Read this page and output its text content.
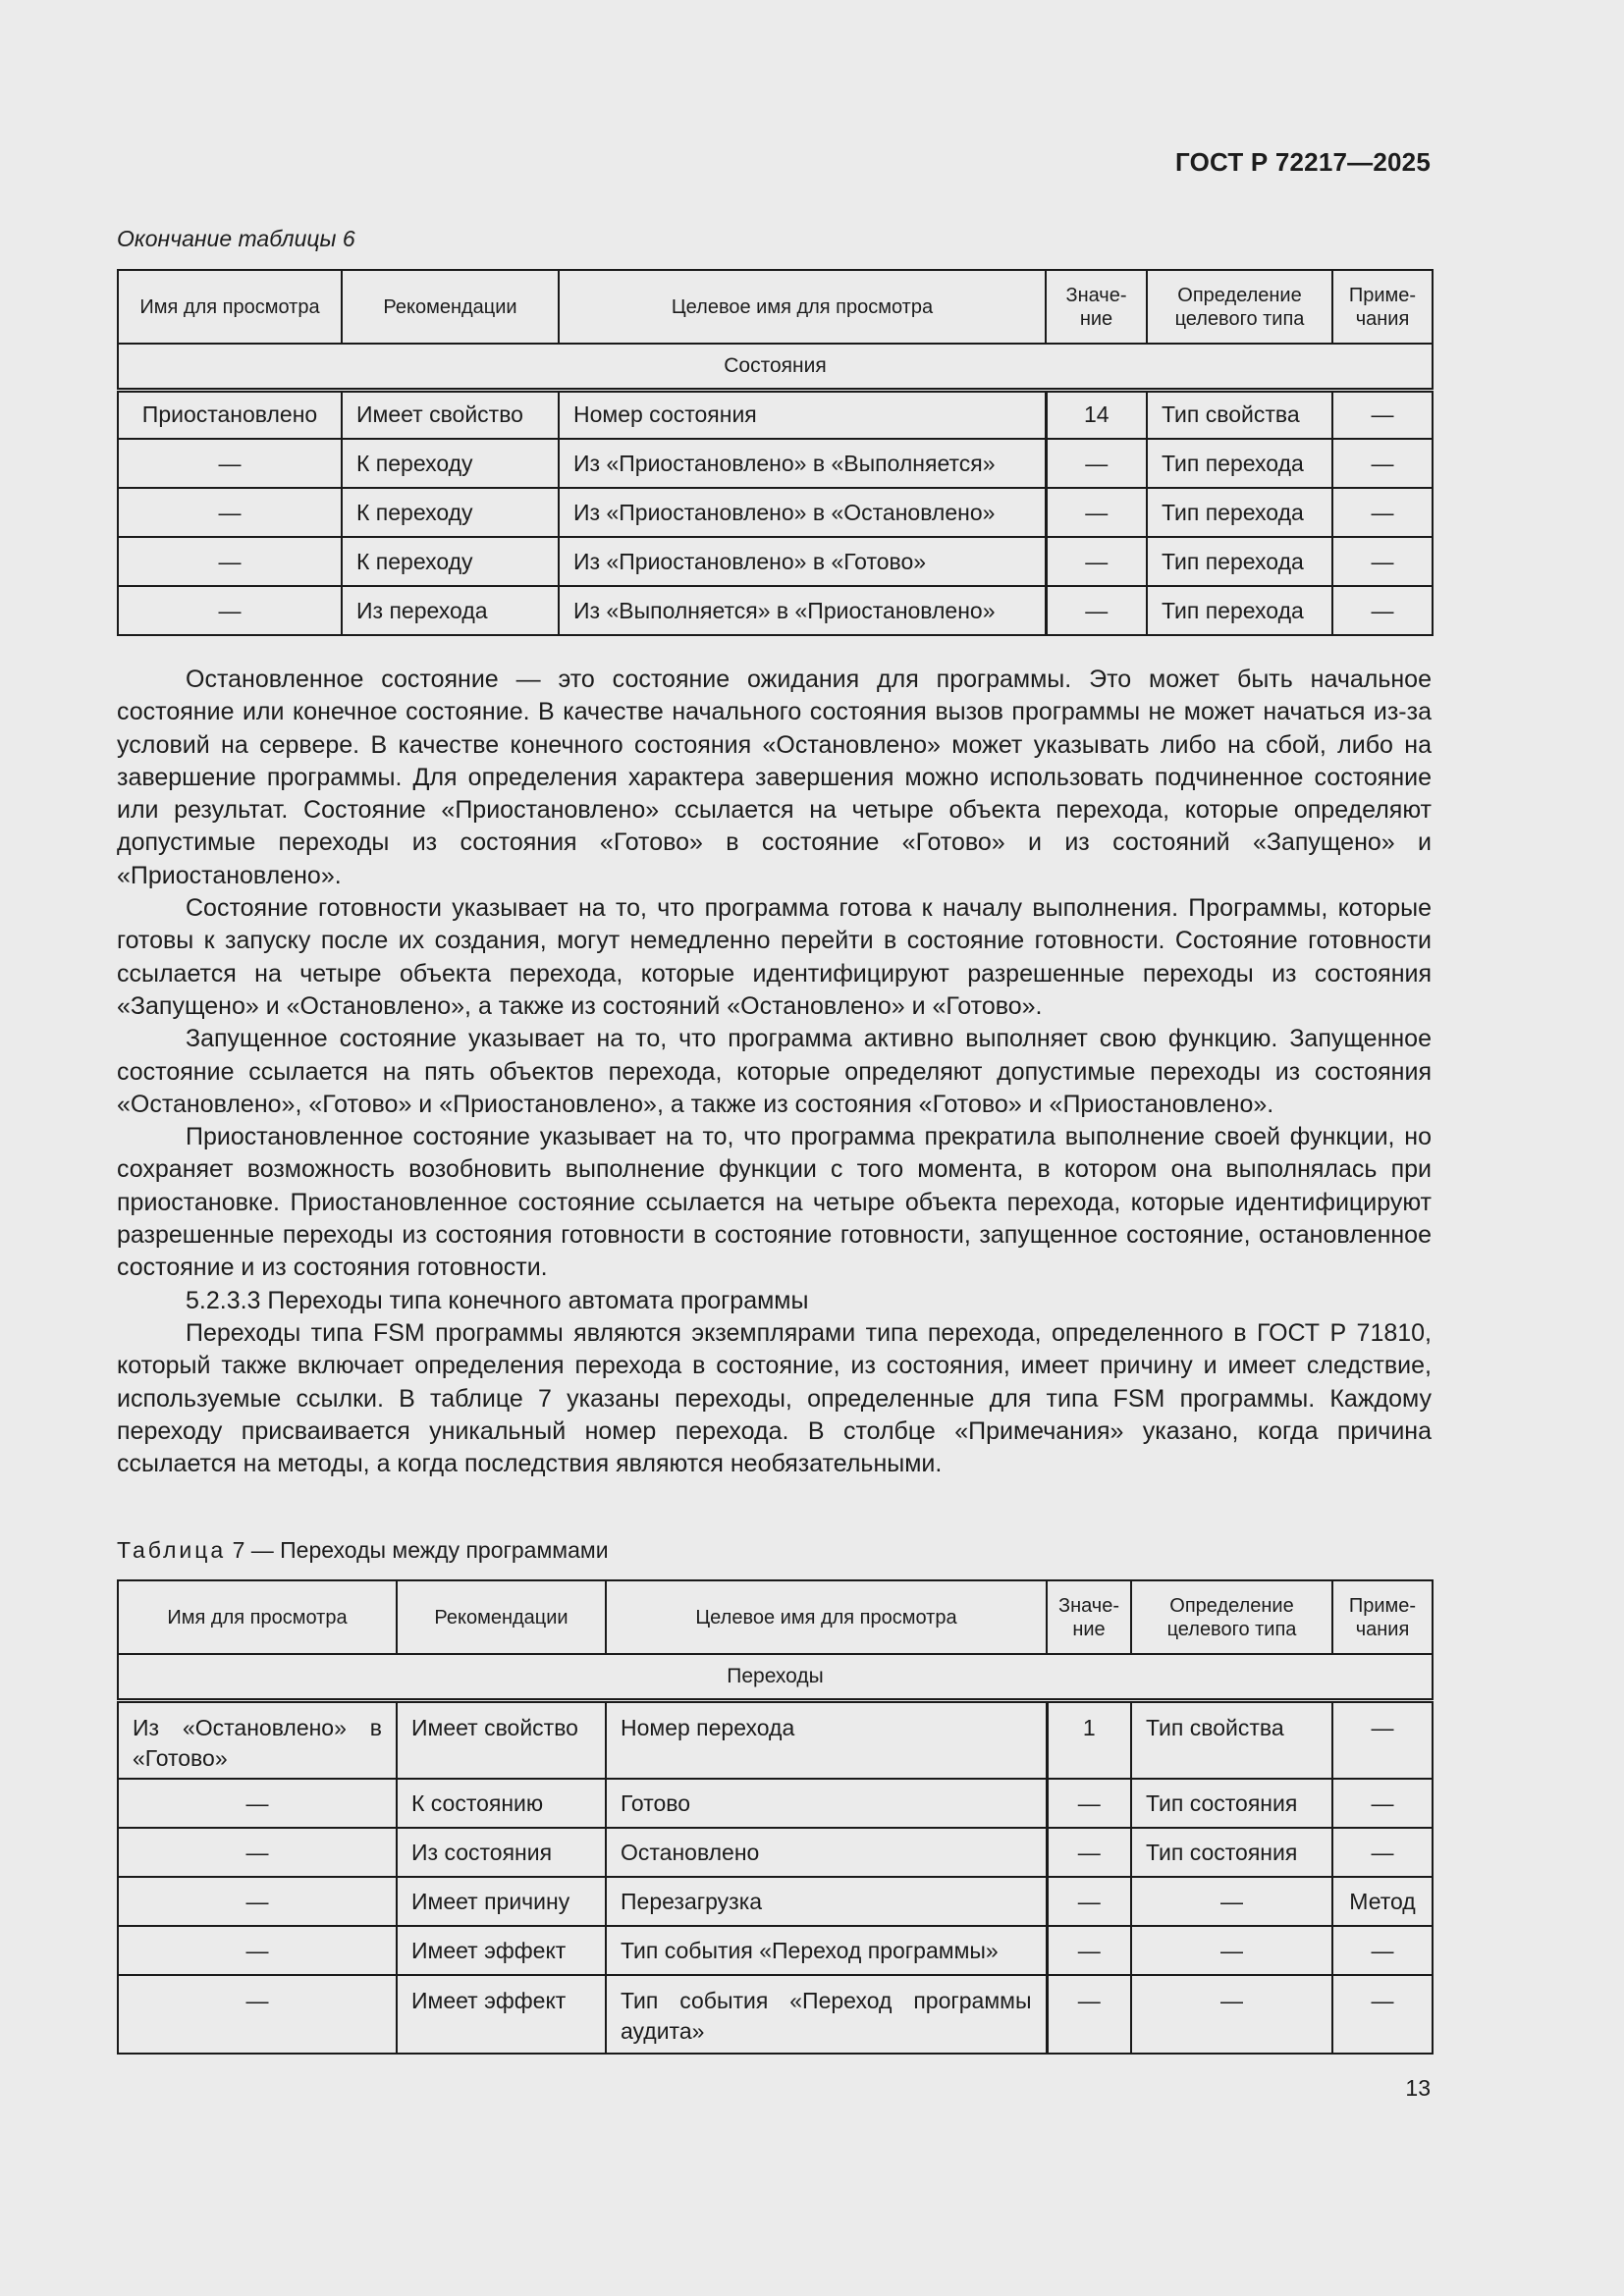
ГОСТ Р 72217—2025
Окончание таблицы 6
Имя для просмотра	Рекомендации	Целевое имя для просмотра	Значе-ние	Определение целевого типа	Приме-чания
Состояния					
Приостановлено	Имеет свойство	Номер состояния	14	Тип свойства	—
—	К переходу	Из «Приостановлено» в «Выполняется»	—	Тип перехода	—
—	К переходу	Из «Приостановлено» в «Остановлено»	—	Тип перехода	—
—	К переходу	Из «Приостановлено» в «Готово»	—	Тип перехода	—
—	Из перехода	Из «Выполняется» в «Приостановлено»	—	Тип перехода	—

Остановленное состояние — это состояние ожидания для программы. Это может быть начальное состояние или конечное состояние. В качестве начального состояния вызов программы не может начаться из-за условий на сервере. В качестве конечного состояния «Остановлено» может указывать либо на сбой, либо на завершение программы. Для определения характера завершения можно использовать подчиненное состояние или результат. Состояние «Приостановлено» ссылается на четыре объекта перехода, которые определяют допустимые переходы из состояния «Готово» в состояние «Готово» и из состояний «Запущено» и «Приостановлено».

Состояние готовности указывает на то, что программа готова к началу выполнения. Программы, которые готовы к запуску после их создания, могут немедленно перейти в состояние готовности. Состояние готовности ссылается на четыре объекта перехода, которые идентифицируют разрешенные переходы из состояния «Запущено» и «Остановлено», а также из состояний «Остановлено» и «Готово».

Запущенное состояние указывает на то, что программа активно выполняет свою функцию. Запущенное состояние ссылается на пять объектов перехода, которые определяют допустимые переходы из состояния «Остановлено», «Готово» и «Приостановлено», а также из состояния «Готово» и «Приостановлено».

Приостановленное состояние указывает на то, что программа прекратила выполнение своей функции, но сохраняет возможность возобновить выполнение функции с того момента, в котором она выполнялась при приостановке. Приостановленное состояние ссылается на четыре объекта перехода, которые идентифицируют разрешенные переходы из состояния готовности в состояние готовности, запущенное состояние, остановленное состояние и из состояния готовности.

5.2.3.3 Переходы типа конечного автомата программы

Переходы типа FSM программы являются экземплярами типа перехода, определенного в ГОСТ Р 71810, который также включает определения перехода в состояние, из состояния, имеет причину и имеет следствие, используемые ссылки. В таблице 7 указаны переходы, определенные для типа FSM программы. Каждому переходу присваивается уникальный номер перехода. В столбце «Примечания» указано, когда причина ссылается на методы, а когда последствия являются необязательными.

Таблица 7 — Переходы между программами
Имя для просмотра	Рекомендации	Целевое имя для просмотра	Значе-ние	Определение целевого типа	Приме-чания
Переходы					
Из «Остановлено» в «Готово»	Имеет свойство	Номер перехода	1	Тип свойства	—
—	К состоянию	Готово	—	Тип состояния	—
—	Из состояния	Остановлено	—	Тип состояния	—
—	Имеет причину	Перезагрузка	—	—	Метод
—	Имеет эффект	Тип события «Переход программы»	—	—	—
—	Имеет эффект	Тип события «Переход программы аудита»	—	—	—
13
